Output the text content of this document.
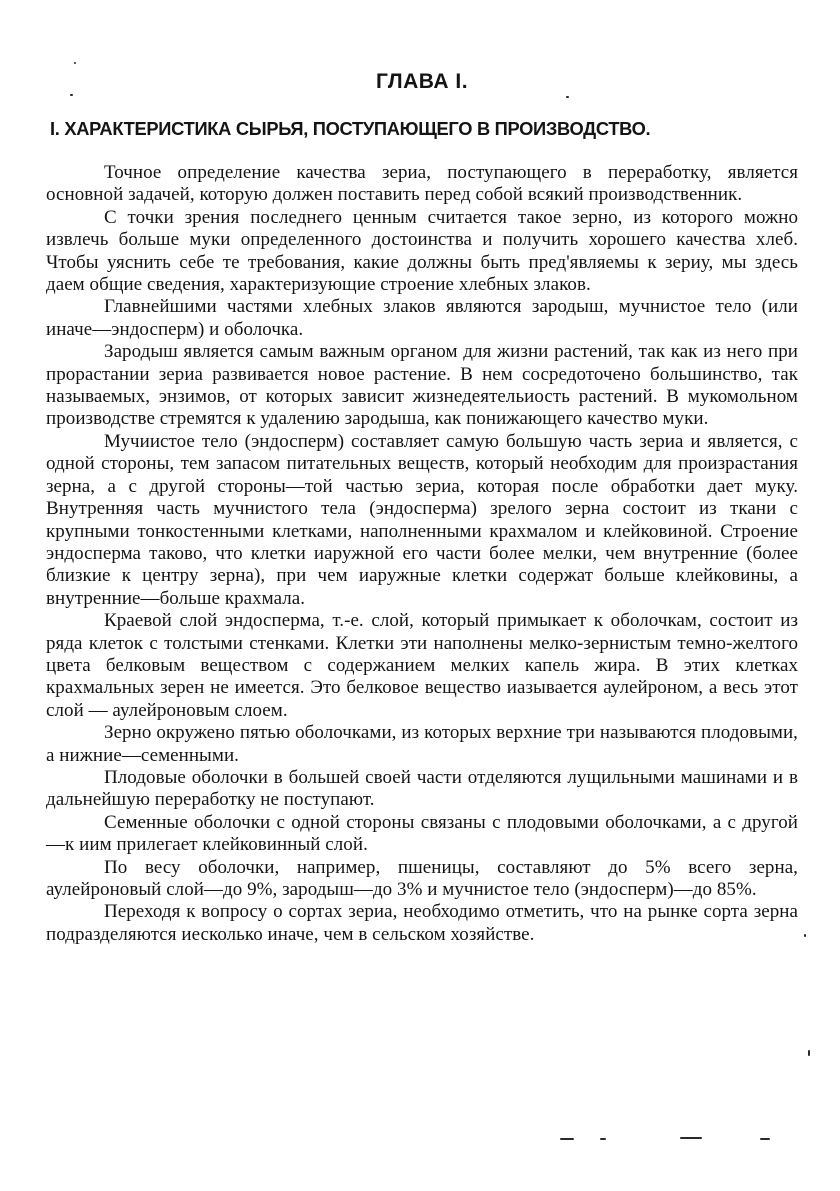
ГЛАВА I.
I. ХАРАКТЕРИСТИКА СЫРЬЯ, ПОСТУПАЮЩЕГО В ПРОИЗВОДСТВО.

Точное определение качества зериа, поступающего в переработку, является основной задачей, которую должен поставить перед собой всякий производственник.

С точки зрения последнего ценным считается такое зерно, из которого можно извлечь больше муки определенного достоинства и получить хорошего качества хлеб. Чтобы уяснить себе те требования, какие должны быть пред'являемы к зериу, мы здесь даем общие сведения, характеризующие строение хлебных злаков.

Главнейшими частями хлебных злаков являются зародыш, мучнистое тело (или иначе—эндосперм) и оболочка.

Зародыш является самым важным органом для жизни растений, так как из него при прорастании зериа развивается новое растение. В нем сосредоточено большинство, так называемых, энзимов, от которых зависит жизнедеятельиость растений. В мукомольном производстве стремятся к удалению зародыша, как понижающего качество муки.

Мучиистое тело (эндосперм) составляет самую большую часть зериа и является, с одной стороны, тем запасом питательных веществ, который необходим для произрастания зерна, а с другой стороны—той частью зериа, которая после обработки дает муку. Внутренняя часть мучнистого тела (эндосперма) зрелого зерна состоит из ткани с крупными тонкостенными клетками, наполненными крахмалом и клейковиной. Строение эндосперма таково, что клетки иаружной его части более мелки, чем внутренние (более близкие к центру зерна), при чем иаружные клетки содержат больше клейковины, а внутренние—больше крахмала.

Краевой слой эндосперма, т.-е. слой, который примыкает к оболочкам, состоит из ряда клеток с толстыми стенками. Клетки эти наполнены мелко-зернистым темно-желтого цвета белковым веществом с содержанием мелких капель жира. В этих клетках крахмальных зерен не имеется. Это белковое вещество иазывается аулейроном, а весь этот слой — аулейроновым слоем.

Зерно окружено пятью оболочками, из которых верхние три называются плодовыми, а нижние—семенными.

Плодовые оболочки в большей своей части отделяются лущильными машинами и в дальнейшую переработку не поступают.

Семенные оболочки с одной стороны связаны с плодовыми оболочками, а с другой—к иим прилегает клейковинный слой.

По весу оболочки, например, пшеницы, составляют до 5% всего зерна, аулейроновый слой—до 9%, зародыш—до 3% и мучнистое тело (эндосперм)—до 85%.

Переходя к вопросу о сортах зериа, необходимо отметить, что на рынке сорта зерна подразделяются иесколько иначе, чем в сельском хозяйстве.
